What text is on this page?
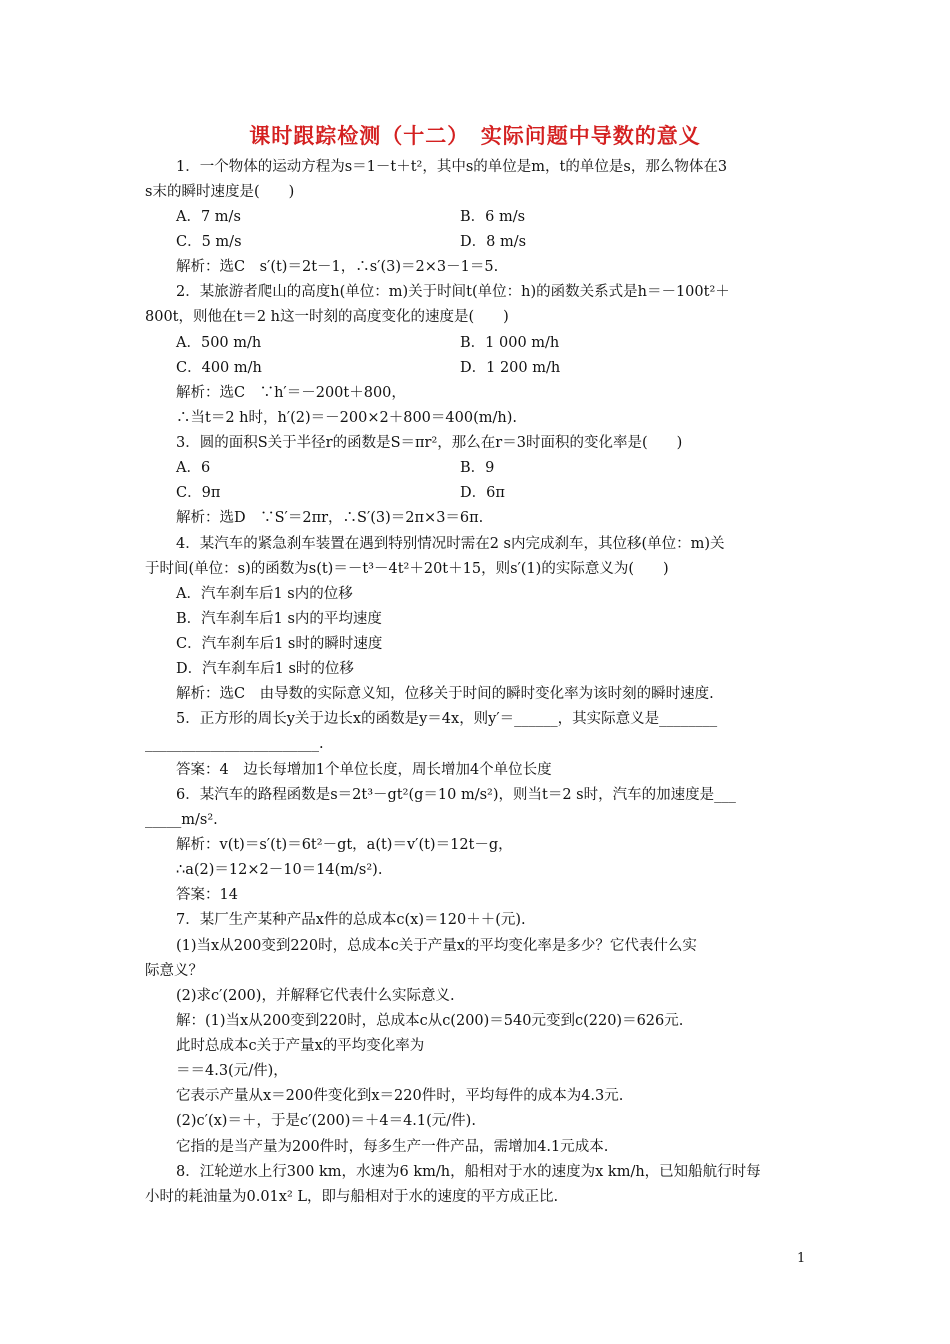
课时跟踪检测（十二）　实际问题中导数的意义
1．一个物体的运动方程为s＝1－t＋t²，其中s的单位是m，t的单位是s，那么物体在3
s末的瞬时速度是(　　)
A．7 m/s	B．6 m/s
C．5 m/s	D．8 m/s
解析：选C　s′(t)＝2t－1，∴s′(3)＝2×3－1＝5.
2．某旅游者爬山的高度h(单位：m)关于时间t(单位：h)的函数关系式是h＝－100t²＋
800t，则他在t＝2 h这一时刻的高度变化的速度是(　　)
A．500 m/h	B．1 000 m/h
C．400 m/h	D．1 200 m/h
解析：选C　∵h′＝－200t＋800，
∴当t＝2 h时，h′(2)＝－200×2＋800＝400(m/h).
3．圆的面积S关于半径r的函数是S＝πr²，那么在r＝3时面积的变化率是(　　)
A．6	B．9
C．9π	D．6π
解析：选D　∵S′＝2πr，∴S′(3)＝2π×3＝6π.
4．某汽车的紧急刹车装置在遇到特别情况时需在2 s内完成刹车，其位移(单位：m)关
于时间(单位：s)的函数为s(t)＝－t³－4t²＋20t＋15，则s′(1)的实际意义为(　　)
A．汽车刹车后1 s内的位移
B．汽车刹车后1 s内的平均速度
C．汽车刹车后1 s时的瞬时速度
D．汽车刹车后1 s时的位移
解析：选C　由导数的实际意义知，位移关于时间的瞬时变化率为该时刻的瞬时速度.
5．正方形的周长y关于边长x的函数是y＝4x，则y′＝______，其实际意义是________
________________________.
答案：4　边长每增加1个单位长度，周长增加4个单位长度
6．某汽车的路程函数是s＝2t³－gt²(g＝10 m/s²)，则当t＝2 s时，汽车的加速度是___
_____m/s².
解析：v(t)＝s′(t)＝6t²－gt，a(t)＝v′(t)＝12t－g，
∴a(2)＝12×2－10＝14(m/s²).
答案：14
7．某厂生产某种产品x件的总成本c(x)＝120＋＋(元).
(1)当x从200变到220时，总成本c关于产量x的平均变化率是多少？它代表什么实
际意义？
(2)求c′(200)，并解释它代表什么实际意义.
解：(1)当x从200变到220时，总成本c从c(200)＝540元变到c(220)＝626元.
此时总成本c关于产量x的平均变化率为
＝＝4.3(元/件)，
它表示产量从x＝200件变化到x＝220件时，平均每件的成本为4.3元.
(2)c′(x)＝＋，于是c′(200)＝＋4＝4.1(元/件).
它指的是当产量为200件时，每多生产一件产品，需增加4.1元成本.
8．江轮逆水上行300 km，水速为6 km/h，船相对于水的速度为x km/h，已知船航行时每
小时的耗油量为0.01x² L，即与船相对于水的速度的平方成正比.
1
